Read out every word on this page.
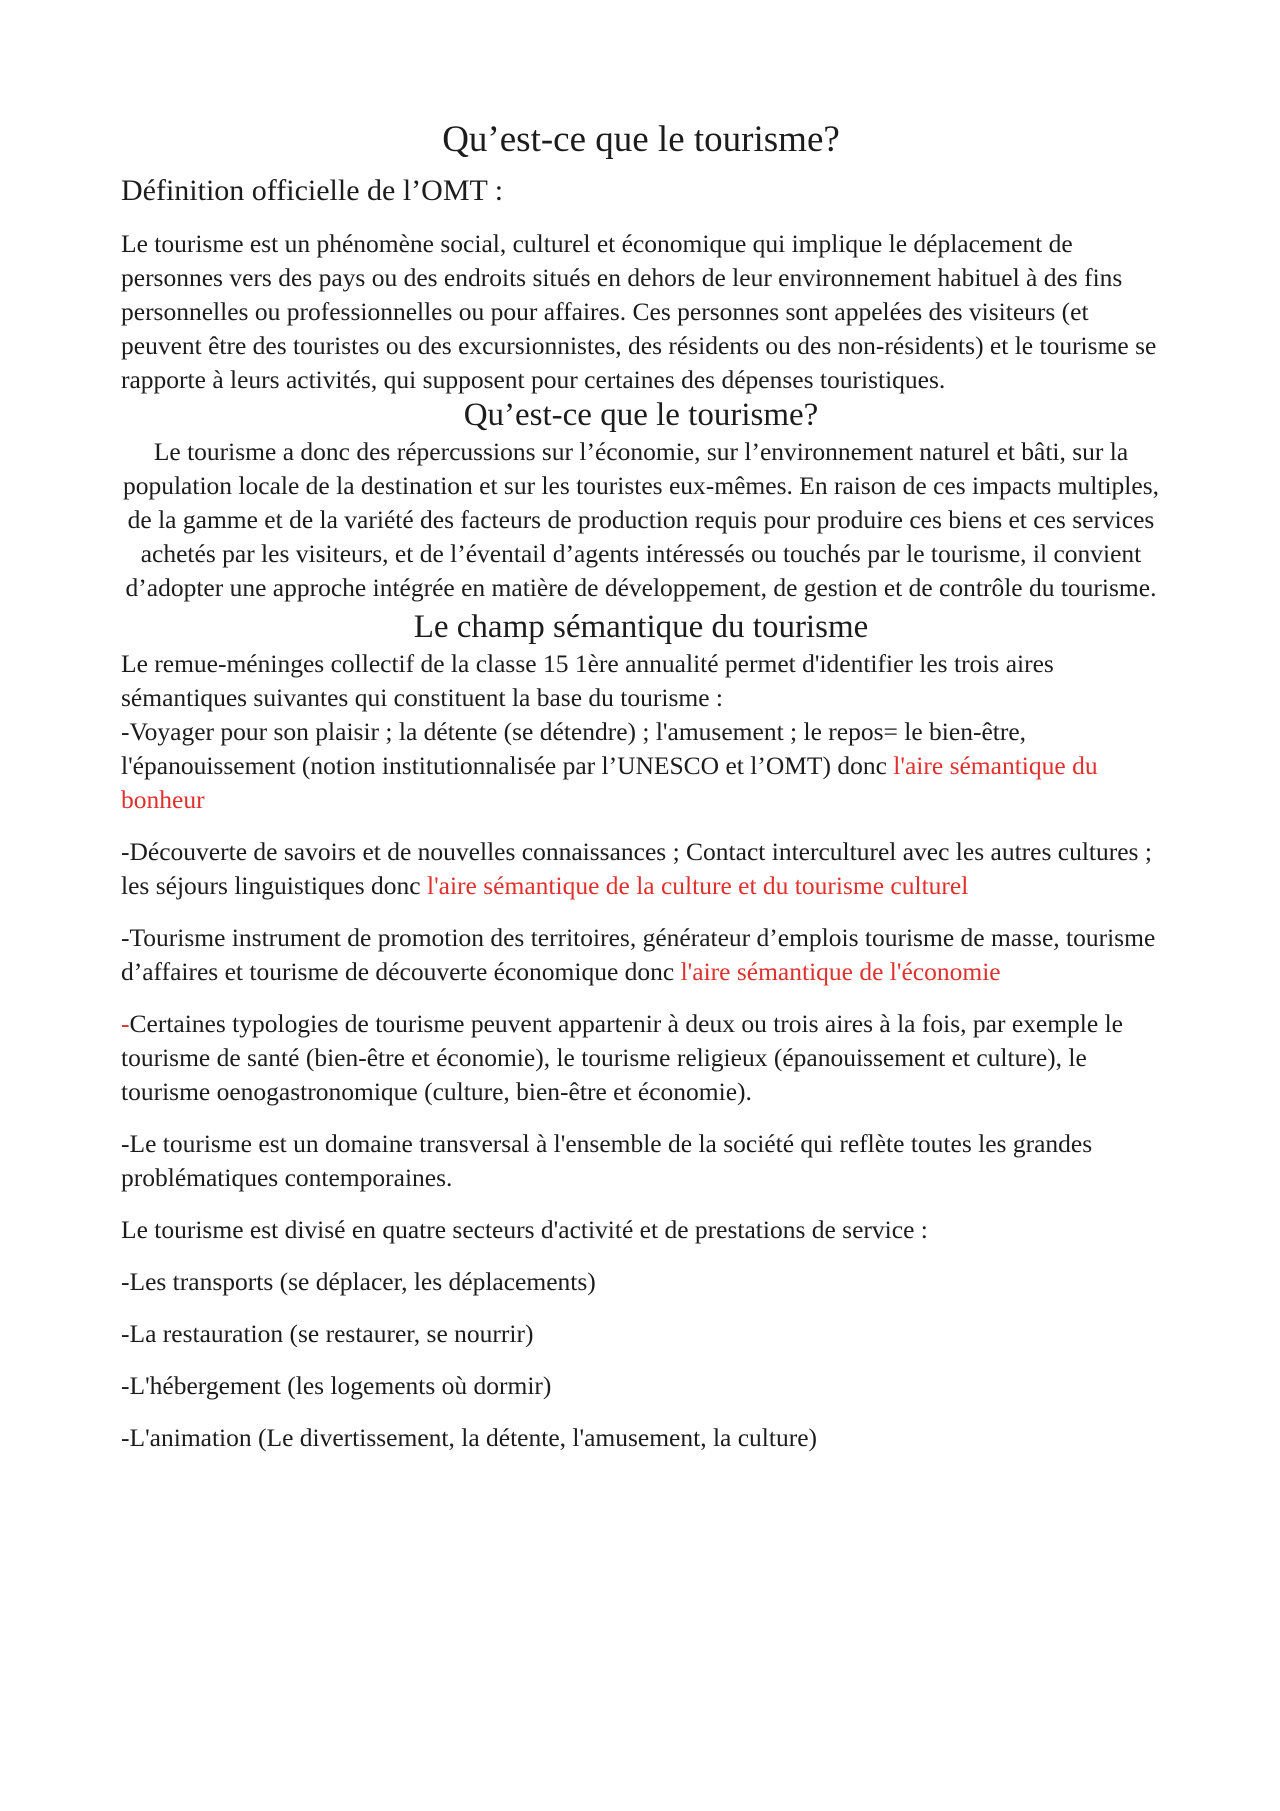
Qu’est-ce que le tourisme?
Définition officielle de l’OMT :

Le tourisme est un phénomène social, culturel et économique qui implique le déplacement de personnes vers des pays ou des endroits situés en dehors de leur environnement habituel à des fins personnelles ou professionnelles ou pour affaires. Ces personnes sont appelées des visiteurs (et peuvent être des touristes ou des excursionnistes, des résidents ou des non-résidents) et le tourisme se rapporte à leurs activités, qui supposent pour certaines des dépenses touristiques.

Qu’est-ce que le tourisme?

Le tourisme a donc des répercussions sur l’économie, sur l’environnement naturel et bâti, sur la population locale de la destination et sur les touristes eux-mêmes. En raison de ces impacts multiples, de la gamme et de la variété des facteurs de production requis pour produire ces biens et ces services achetés par les visiteurs, et de l’éventail d’agents intéressés ou touchés par le tourisme, il convient d’adopter une approche intégrée en matière de développement, de gestion et de contrôle du tourisme.

Le champ sémantique du tourisme

Le remue-méninges collectif de la classe 15 1ère annualité permet d'identifier les trois aires sémantiques suivantes qui constituent la base du tourisme :

-Voyager pour son plaisir ; la détente (se détendre) ; l'amusement ; le repos= le bien-être, l'épanouissement (notion institutionnalisée par l’UNESCO et l’OMT) donc l'aire sémantique du bonheur

-Découverte de savoirs et de nouvelles connaissances ; Contact interculturel avec les autres cultures ; les séjours linguistiques donc l'aire sémantique de la culture et du tourisme culturel

-Tourisme instrument de promotion des territoires, générateur d’emplois tourisme de masse, tourisme d’affaires et tourisme de découverte économique donc l'aire sémantique de l'économie

-Certaines typologies de tourisme peuvent appartenir à deux ou trois aires à la fois, par exemple le tourisme de santé (bien-être et économie), le tourisme religieux (épanouissement et culture), le tourisme oenogastronomique (culture, bien-être et économie).

-Le tourisme est un domaine transversal à l'ensemble de la société qui reflète toutes les grandes problématiques contemporaines.

Le tourisme est divisé en quatre secteurs d'activité et de prestations de service :

-Les transports (se déplacer, les déplacements)

-La restauration (se restaurer, se nourrir)

-L'hébergement (les logements où dormir)

-L'animation (Le divertissement, la détente, l'amusement, la culture)
